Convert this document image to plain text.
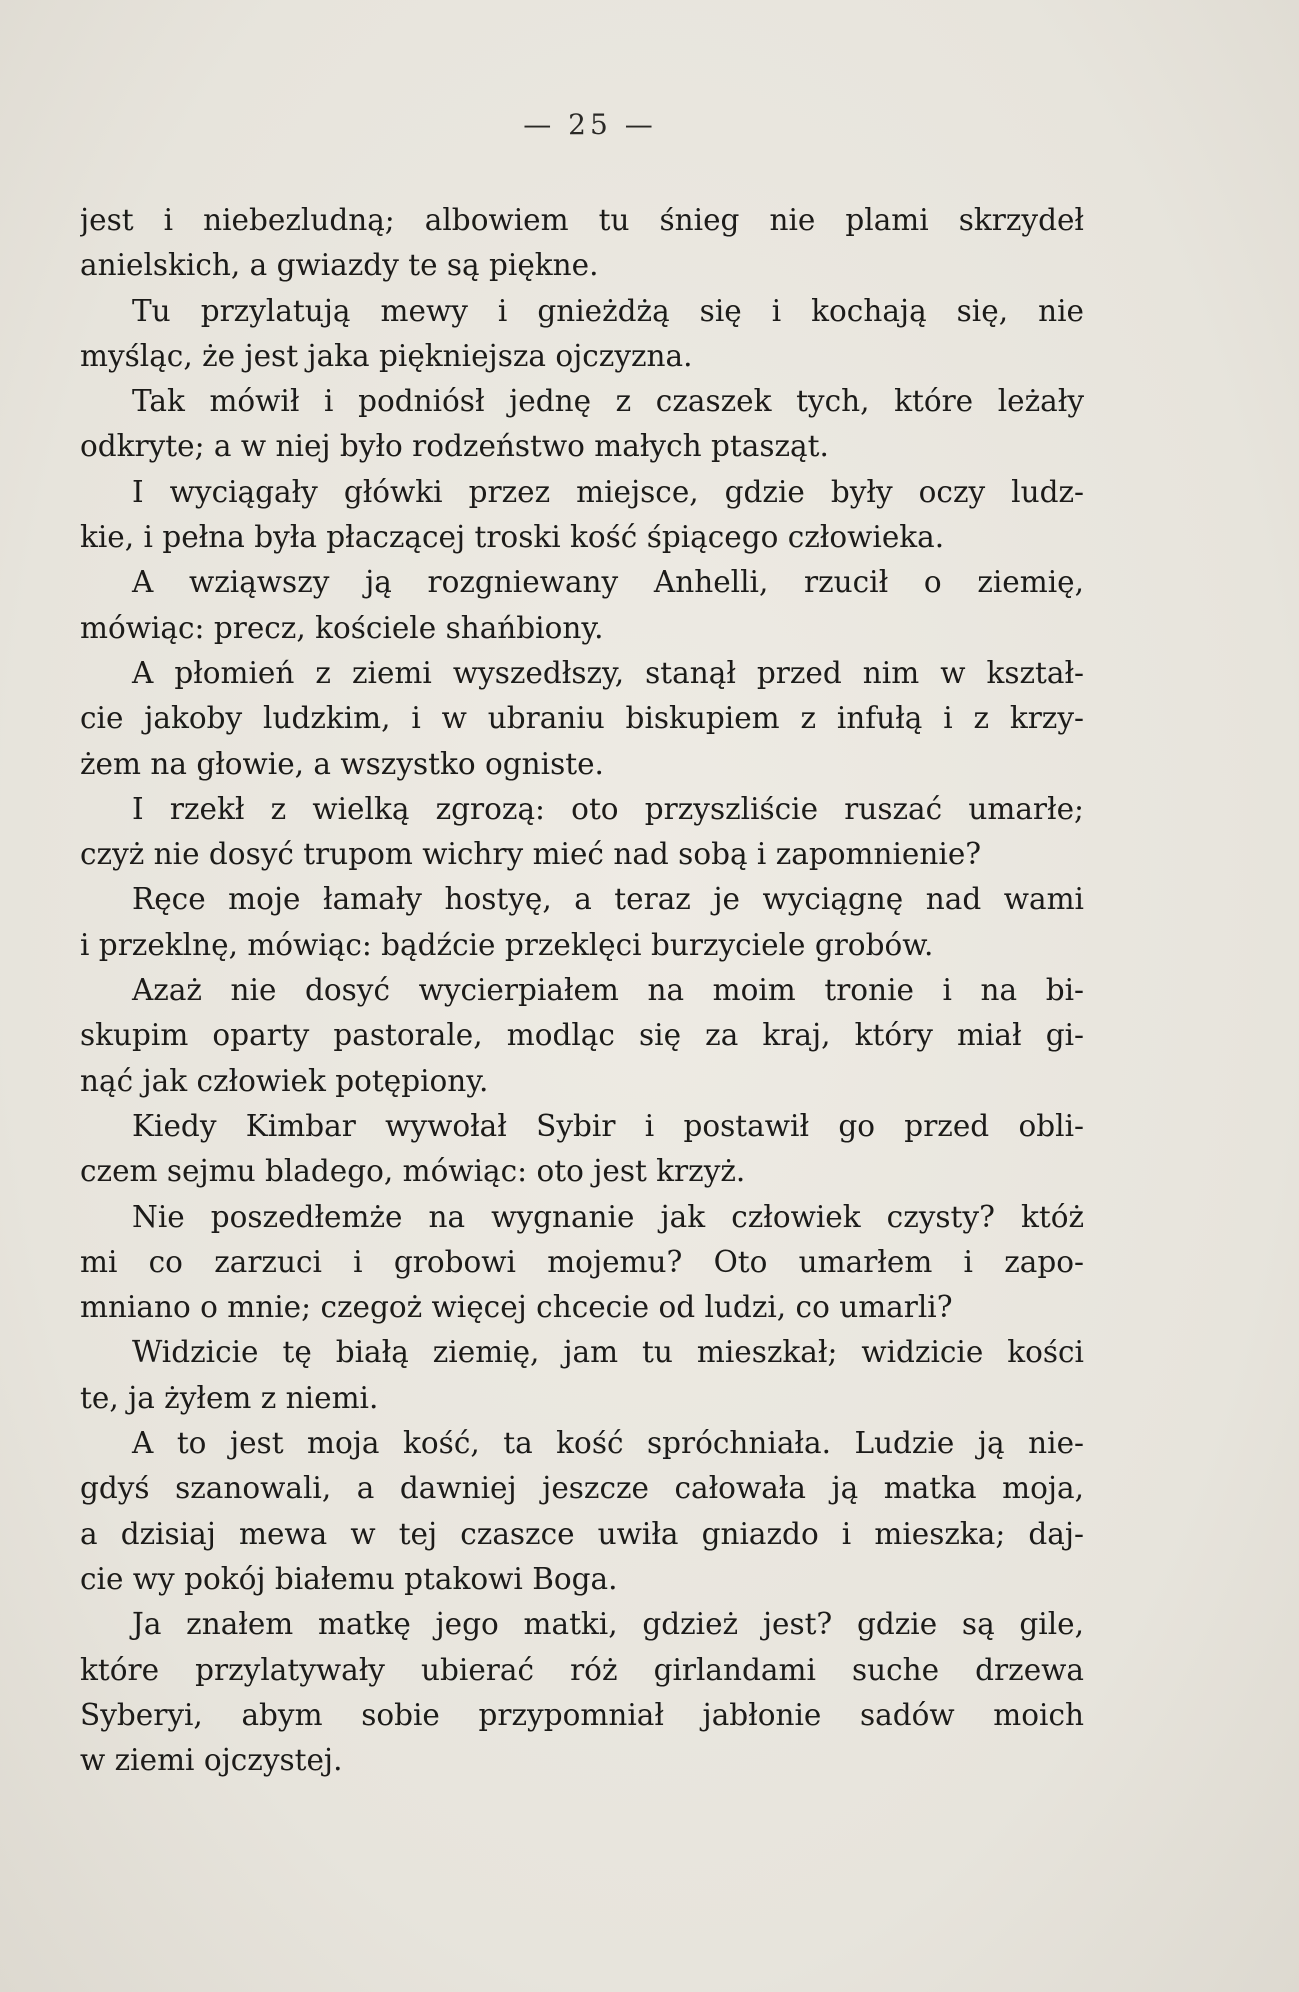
— 25 —
jest i niebezludną; albowiem tu śnieg nie plami skrzydeł
anielskich, a gwiazdy te są piękne.
Tu przylatują mewy i gnieżdżą się i kochają się, nie
myśląc, że jest jaka piękniejsza ojczyzna.
Tak mówił i podniósł jednę z czaszek tych, które leżały
odkryte; a w niej było rodzeństwo małych ptasząt.
I wyciągały główki przez miejsce, gdzie były oczy ludz-
kie, i pełna była płaczącej troski kość śpiącego człowieka.
A wziąwszy ją rozgniewany Anhelli, rzucił o ziemię,
mówiąc: precz, kościele shańbiony.
A płomień z ziemi wyszedłszy, stanął przed nim w kształ-
cie jakoby ludzkim, i w ubraniu biskupiem z infułą i z krzy-
żem na głowie, a wszystko ogniste.
I rzekł z wielką zgrozą: oto przyszliście ruszać umarłe;
czyż nie dosyć trupom wichry mieć nad sobą i zapomnienie?
Ręce moje łamały hostyę, a teraz je wyciągnę nad wami
i przeklnę, mówiąc: bądźcie przeklęci burzyciele grobów.
Azaż nie dosyć wycierpiałem na moim tronie i na bi-
skupim oparty pastorale, modląc się za kraj, który miał gi-
nąć jak człowiek potępiony.
Kiedy Kimbar wywołał Sybir i postawił go przed obli-
czem sejmu bladego, mówiąc: oto jest krzyż.
Nie poszedłemże na wygnanie jak człowiek czysty? któż
mi co zarzuci i grobowi mojemu? Oto umarłem i zapo-
mniano o mnie; czegoż więcej chcecie od ludzi, co umarli?
Widzicie tę białą ziemię, jam tu mieszkał; widzicie kości
te, ja żyłem z niemi.
A to jest moja kość, ta kość spróchniała. Ludzie ją nie-
gdyś szanowali, a dawniej jeszcze całowała ją matka moja,
a dzisiaj mewa w tej czaszce uwiła gniazdo i mieszka; daj-
cie wy pokój białemu ptakowi Boga.
Ja znałem matkę jego matki, gdzież jest? gdzie są gile,
które przylatywały ubierać róż girlandami suche drzewa
Syberyi, abym sobie przypomniał jabłonie sadów moich
w ziemi ojczystej.
